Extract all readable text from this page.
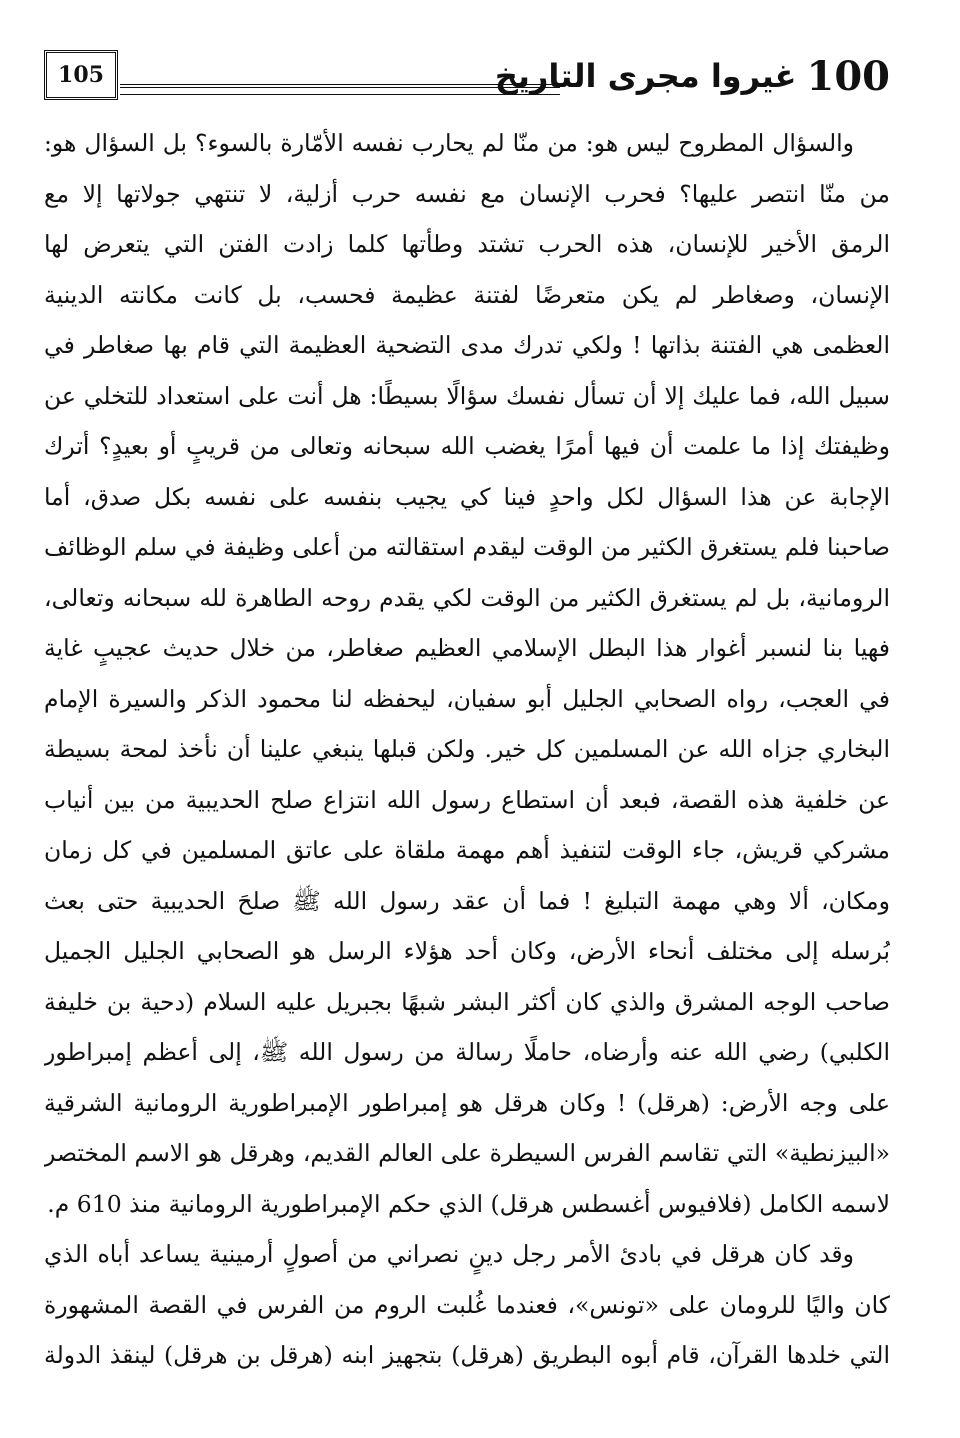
105	100
غيروا مجرى التاريخ
والسؤال المطروح ليس هو: من منّا لم يحارب نفسه الأمّارة بالسوء؟ بل السؤال هو:
من منّا انتصر عليها؟ فحرب الإنسان مع نفسه حرب أزلية، لا تنتهي جولاتها إلا مع
الرمق الأخير للإنسان، هذه الحرب تشتد وطأتها كلما زادت الفتن التي يتعرض لها
الإنسان، وصغاطر لم يكن متعرضًا لفتنة عظيمة فحسب، بل كانت مكانته الدينية
العظمى هي الفتنة بذاتها ! ولكي تدرك مدى التضحية العظيمة التي قام بها صغاطر في
سبيل الله، فما عليك إلا أن تسأل نفسك سؤالًا بسيطًا: هل أنت على استعداد للتخلي عن
وظيفتك إذا ما علمت أن فيها أمرًا يغضب الله سبحانه وتعالى من قريبٍ أو بعيدٍ؟ أترك
الإجابة عن هذا السؤال لكل واحدٍ فينا كي يجيب بنفسه على نفسه بكل صدق، أما
صاحبنا فلم يستغرق الكثير من الوقت ليقدم استقالته من أعلى وظيفة في سلم الوظائف
الرومانية، بل لم يستغرق الكثير من الوقت لكي يقدم روحه الطاهرة لله سبحانه وتعالى،
فهيا بنا لنسبر أغوار هذا البطل الإسلامي العظيم صغاطر، من خلال حديث عجيبٍ غاية
في العجب، رواه الصحابي الجليل أبو سفيان، ليحفظه لنا محمود الذكر والسيرة الإمام
البخاري جزاه الله عن المسلمين كل خير. ولكن قبلها ينبغي علينا أن نأخذ لمحة بسيطة
عن خلفية هذه القصة، فبعد أن استطاع رسول الله انتزاع صلح الحديبية من بين أنياب
مشركي قريش، جاء الوقت لتنفيذ أهم مهمة ملقاة على عاتق المسلمين في كل زمان
ومكان، ألا وهي مهمة التبليغ ! فما أن عقد رسول الله ﷺ صلحَ الحديبية حتى بعث
بُرسله إلى مختلف أنحاء الأرض، وكان أحد هؤلاء الرسل هو الصحابي الجليل الجميل
صاحب الوجه المشرق والذي كان أكثر البشر شبهًا بجبريل عليه السلام (دحية بن خليفة
الكلبي) رضي الله عنه وأرضاه، حاملًا رسالة من رسول الله ﷺ، إلى أعظم إمبراطور
على وجه الأرض: (هرقل) ! وكان هرقل هو إمبراطور الإمبراطورية الرومانية الشرقية
«البيزنطية» التي تقاسم الفرس السيطرة على العالم القديم، وهرقل هو الاسم المختصر
لاسمه الكامل (فلافيوس أغسطس هرقل) الذي حكم الإمبراطورية الرومانية منذ 610 م.
وقد كان هرقل في بادئ الأمر رجل دينٍ نصراني من أصولٍ أرمينية يساعد أباه الذي
كان واليًا للرومان على «تونس»، فعندما غُلبت الروم من الفرس في القصة المشهورة
التي خلدها القرآن، قام أبوه البطريق (هرقل) بتجهيز ابنه (هرقل بن هرقل) لينقذ الدولة
